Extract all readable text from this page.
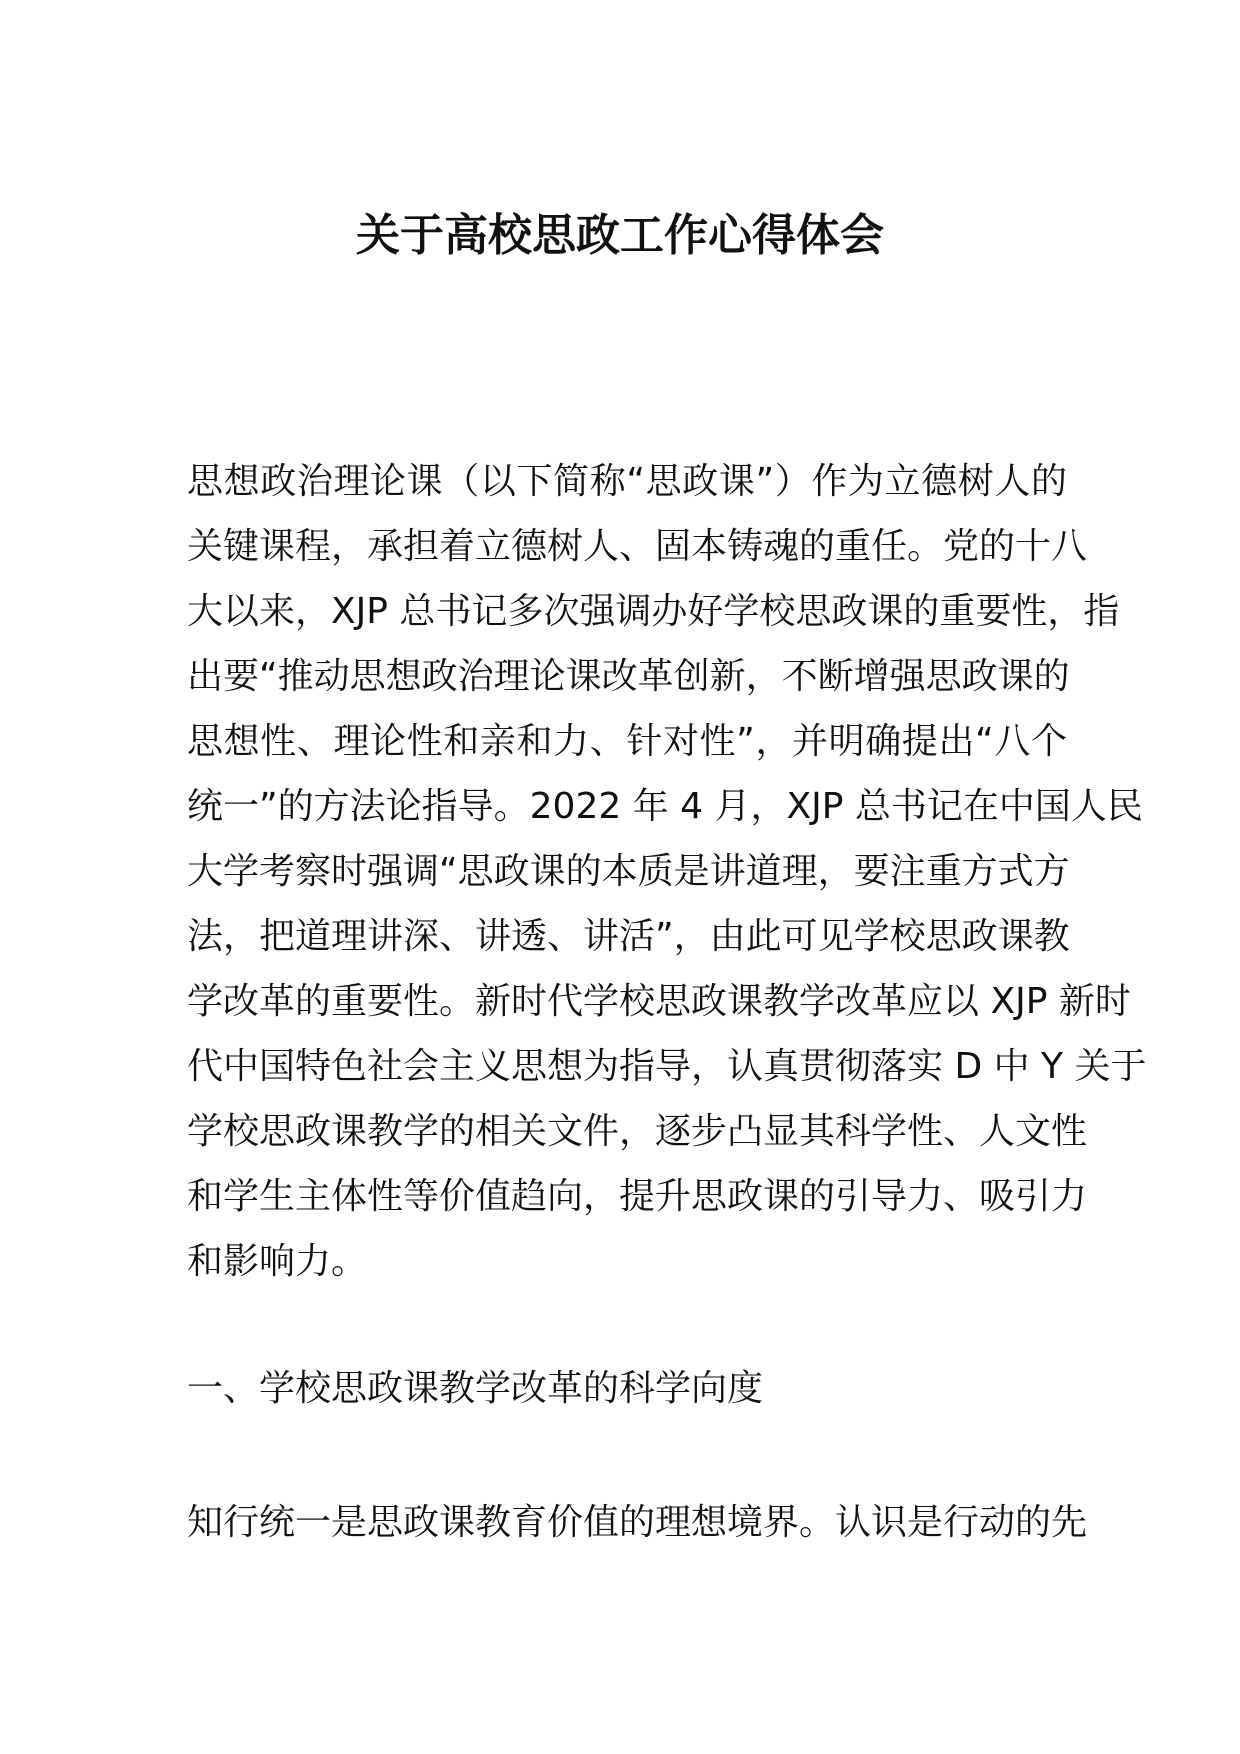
关于高校思政工作心得体会
思想政治理论课（以下简称“思政课”）作为立德树人的
关键课程，承担着立德树人、固本铸魂的重任。党的十八
大以来，XJP 总书记多次强调办好学校思政课的重要性，指
出要“推动思想政治理论课改革创新，不断增强思政课的
思想性、理论性和亲和力、针对性”，并明确提出“八个
统一”的方法论指导。2022 年 4 月，XJP 总书记在中国人民
大学考察时强调“思政课的本质是讲道理，要注重方式方
法，把道理讲深、讲透、讲活”，由此可见学校思政课教
学改革的重要性。新时代学校思政课教学改革应以 XJP 新时
代中国特色社会主义思想为指导，认真贯彻落实 D 中 Y 关于
学校思政课教学的相关文件，逐步凸显其科学性、人文性
和学生主体性等价值趋向，提升思政课的引导力、吸引力
和影响力。
一、学校思政课教学改革的科学向度
知行统一是思政课教育价值的理想境界。认识是行动的先
